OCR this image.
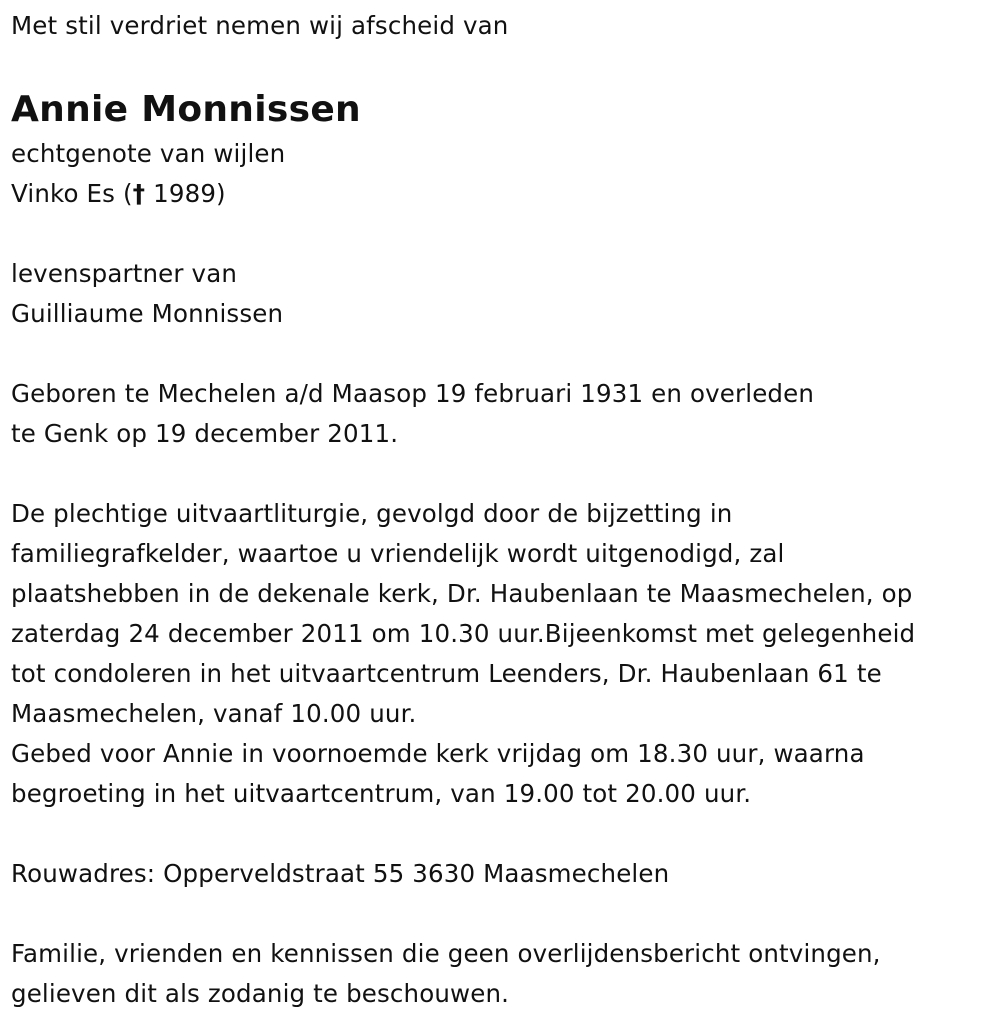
Met stil verdriet nemen wij afscheid van
Annie Monnissen
echtgenote van wijlen
Vinko Es († 1989)
levenspartner van
Guilliaume Monnissen
Geboren te Mechelen a/d Maasop 19 februari 1931 en overleden
te Genk op 19 december 2011.
De plechtige uitvaartliturgie, gevolgd door de bijzetting in
familiegrafkelder, waartoe u vriendelijk wordt uitgenodigd, zal
plaatshebben in de dekenale kerk, Dr. Haubenlaan te Maasmechelen, op
zaterdag 24 december 2011 om 10.30 uur.Bijeenkomst met gelegenheid
tot condoleren in het uitvaartcentrum Leenders, Dr. Haubenlaan 61 te
Maasmechelen, vanaf 10.00 uur.
Gebed voor Annie in voornoemde kerk vrijdag om 18.30 uur, waarna
begroeting in het uitvaartcentrum, van 19.00 tot 20.00 uur.
Rouwadres: Opperveldstraat 55 3630 Maasmechelen
Familie, vrienden en kennissen die geen overlijdensbericht ontvingen,
gelieven dit als zodanig te beschouwen.
